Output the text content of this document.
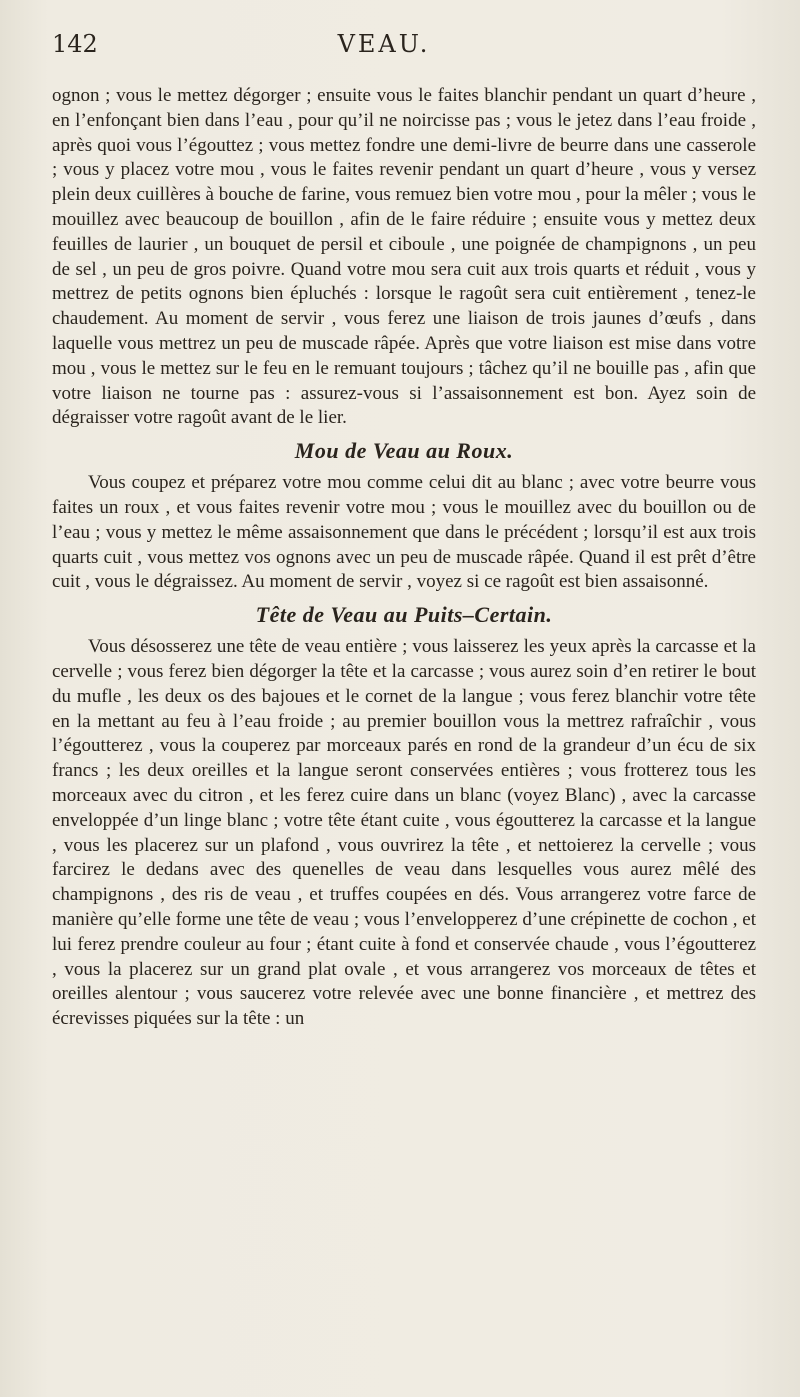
142	VEAU.

ognon ; vous le mettez dégorger ; ensuite vous le faites blanchir pendant un quart d’heure , en l’enfonçant bien dans l’eau , pour qu’il ne noircisse pas ; vous le jetez dans l’eau froide , après quoi vous l’égouttez ; vous mettez fondre une demi-livre de beurre dans une casserole ; vous y placez votre mou , vous le faites revenir pendant un quart d’heure , vous y versez plein deux cuillères à bouche de farine, vous remuez bien votre mou , pour la mêler ; vous le mouillez avec beaucoup de bouillon , afin de le faire réduire ; ensuite vous y mettez deux feuilles de laurier , un bouquet de persil et ciboule , une poignée de champignons , un peu de sel , un peu de gros poivre. Quand votre mou sera cuit aux trois quarts et réduit , vous y mettrez de petits ognons bien épluchés : lorsque le ragoût sera cuit entièrement , tenez-le chaudement. Au moment de servir , vous ferez une liaison de trois jaunes d’œufs , dans laquelle vous mettrez un peu de muscade râpée. Après que votre liaison est mise dans votre mou , vous le mettez sur le feu en le remuant toujours ; tâchez qu’il ne bouille pas , afin que votre liaison ne tourne pas : assurez-vous si l’assaisonnement est bon. Ayez soin de dégraisser votre ragoût avant de le lier.

Mou de Veau au Roux.

Vous coupez et préparez votre mou comme celui dit au blanc ; avec votre beurre vous faites un roux , et vous faites revenir votre mou ; vous le mouillez avec du bouillon ou de l’eau ; vous y mettez le même assaisonnement que dans le précédent ; lorsqu’il est aux trois quarts cuit , vous mettez vos ognons avec un peu de muscade râpée. Quand il est prêt d’être cuit , vous le dégraissez. Au moment de servir , voyez si ce ragoût est bien assaisonné.

Tête de Veau au Puits–Certain.

Vous désosserez une tête de veau entière ; vous laisserez les yeux après la carcasse et la cervelle ; vous ferez bien dégorger la tête et la carcasse ; vous aurez soin d’en retirer le bout du mufle , les deux os des bajoues et le cornet de la langue ; vous ferez blanchir votre tête en la mettant au feu à l’eau froide ; au premier bouillon vous la mettrez rafraîchir , vous l’égoutterez , vous la couperez par morceaux parés en rond de la grandeur d’un écu de six francs ; les deux oreilles et la langue seront conservées entières ; vous frotterez tous les morceaux avec du citron , et les ferez cuire dans un blanc (voyez Blanc) , avec la carcasse enveloppée d’un linge blanc ; votre tête étant cuite , vous égoutterez la carcasse et la langue , vous les placerez sur un plafond , vous ouvrirez la tête , et nettoierez la cervelle ; vous farcirez le dedans avec des quenelles de veau dans lesquelles vous aurez mêlé des champignons , des ris de veau , et truffes coupées en dés. Vous arrangerez votre farce de manière qu’elle forme une tête de veau ; vous l’envelopperez d’une crépinette de cochon , et lui ferez prendre couleur au four ; étant cuite à fond et conservée chaude , vous l’égoutterez , vous la placerez sur un grand plat ovale , et vous arrangerez vos morceaux de têtes et oreilles alentour ; vous saucerez votre relevée avec une bonne financière , et mettrez des écrevisses piquées sur la tête : un
